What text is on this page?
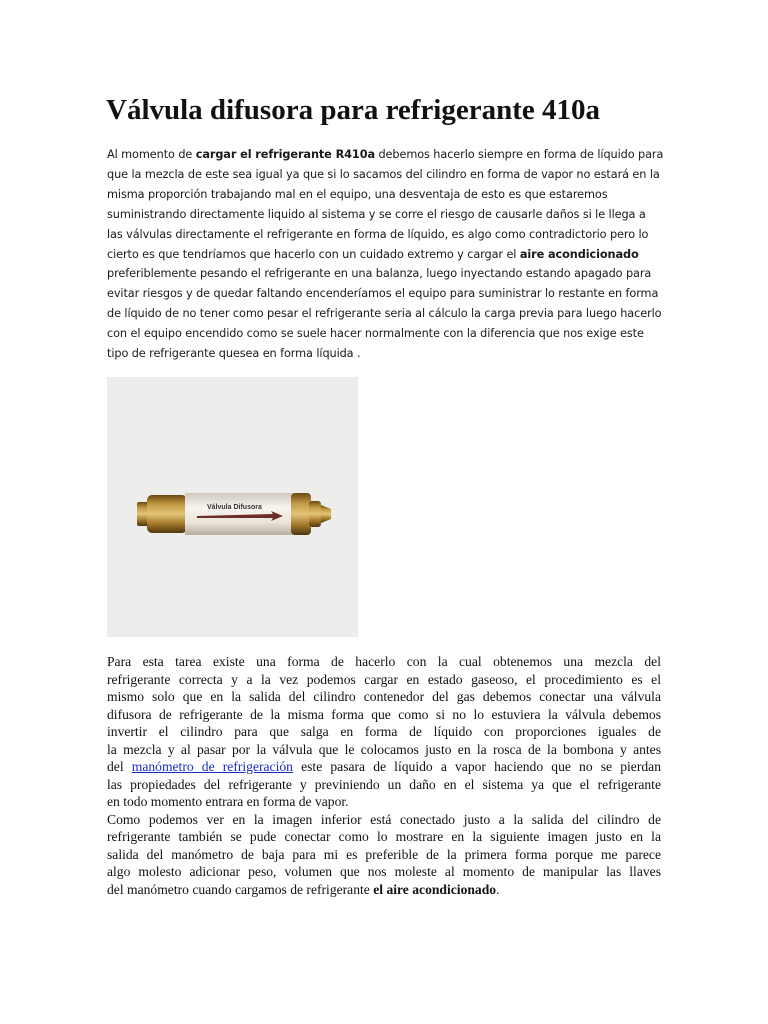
Válvula difusora para refrigerante 410a
Al momento de cargar el refrigerante R410a debemos hacerlo siempre en forma de líquido para
que la mezcla de este sea igual ya que si lo sacamos del cilindro en forma de vapor no estará en la
misma proporción trabajando mal en el equipo, una desventaja de esto es que estaremos
suministrando directamente liquido al sistema y se corre el riesgo de causarle daños si le llega a
las válvulas directamente el refrigerante en forma de líquido, es algo como contradictorio pero lo
cierto es que tendríamos que hacerlo con un cuidado extremo y cargar el aire acondicionado
preferiblemente pesando el refrigerante en una balanza, luego inyectando estando apagado para
evitar riesgos y de quedar faltando encenderíamos el equipo para suministrar lo restante en forma
de líquido de no tener como pesar el refrigerante seria al cálculo la carga previa para luego hacerlo
con el equipo encendido como se suele hacer normalmente con la diferencia que nos exige este
tipo de refrigerante quesea en forma líquida .
Válvula Difusora
Para esta tarea existe una forma de hacerlo con la cual obtenemos una mezcla del
refrigerante correcta y a la vez podemos cargar en estado gaseoso, el procedimiento es el
mismo solo que en la salida del cilindro contenedor del gas debemos conectar una válvula
difusora de refrigerante de la misma forma que como si no lo estuviera la válvula debemos
invertir el cilindro para que salga en forma de líquido con proporciones iguales de
la mezcla y al pasar por la válvula que le colocamos justo en la rosca de la bombona y antes
del manómetro de refrigeración este pasara de líquido a vapor haciendo que no se pierdan
las propiedades del refrigerante y previniendo un daño en el sistema ya que el refrigerante
en todo momento entrara en forma de vapor.
Como podemos ver en la imagen inferior está conectado justo a la salida del cilindro de
refrigerante también se pude conectar como lo mostrare en la siguiente imagen justo en la
salida del manómetro de baja para mi es preferible de la primera forma porque me parece
algo molesto adicionar peso, volumen que nos moleste al momento de manipular las llaves
del manómetro cuando cargamos de refrigerante el aire acondicionado.
